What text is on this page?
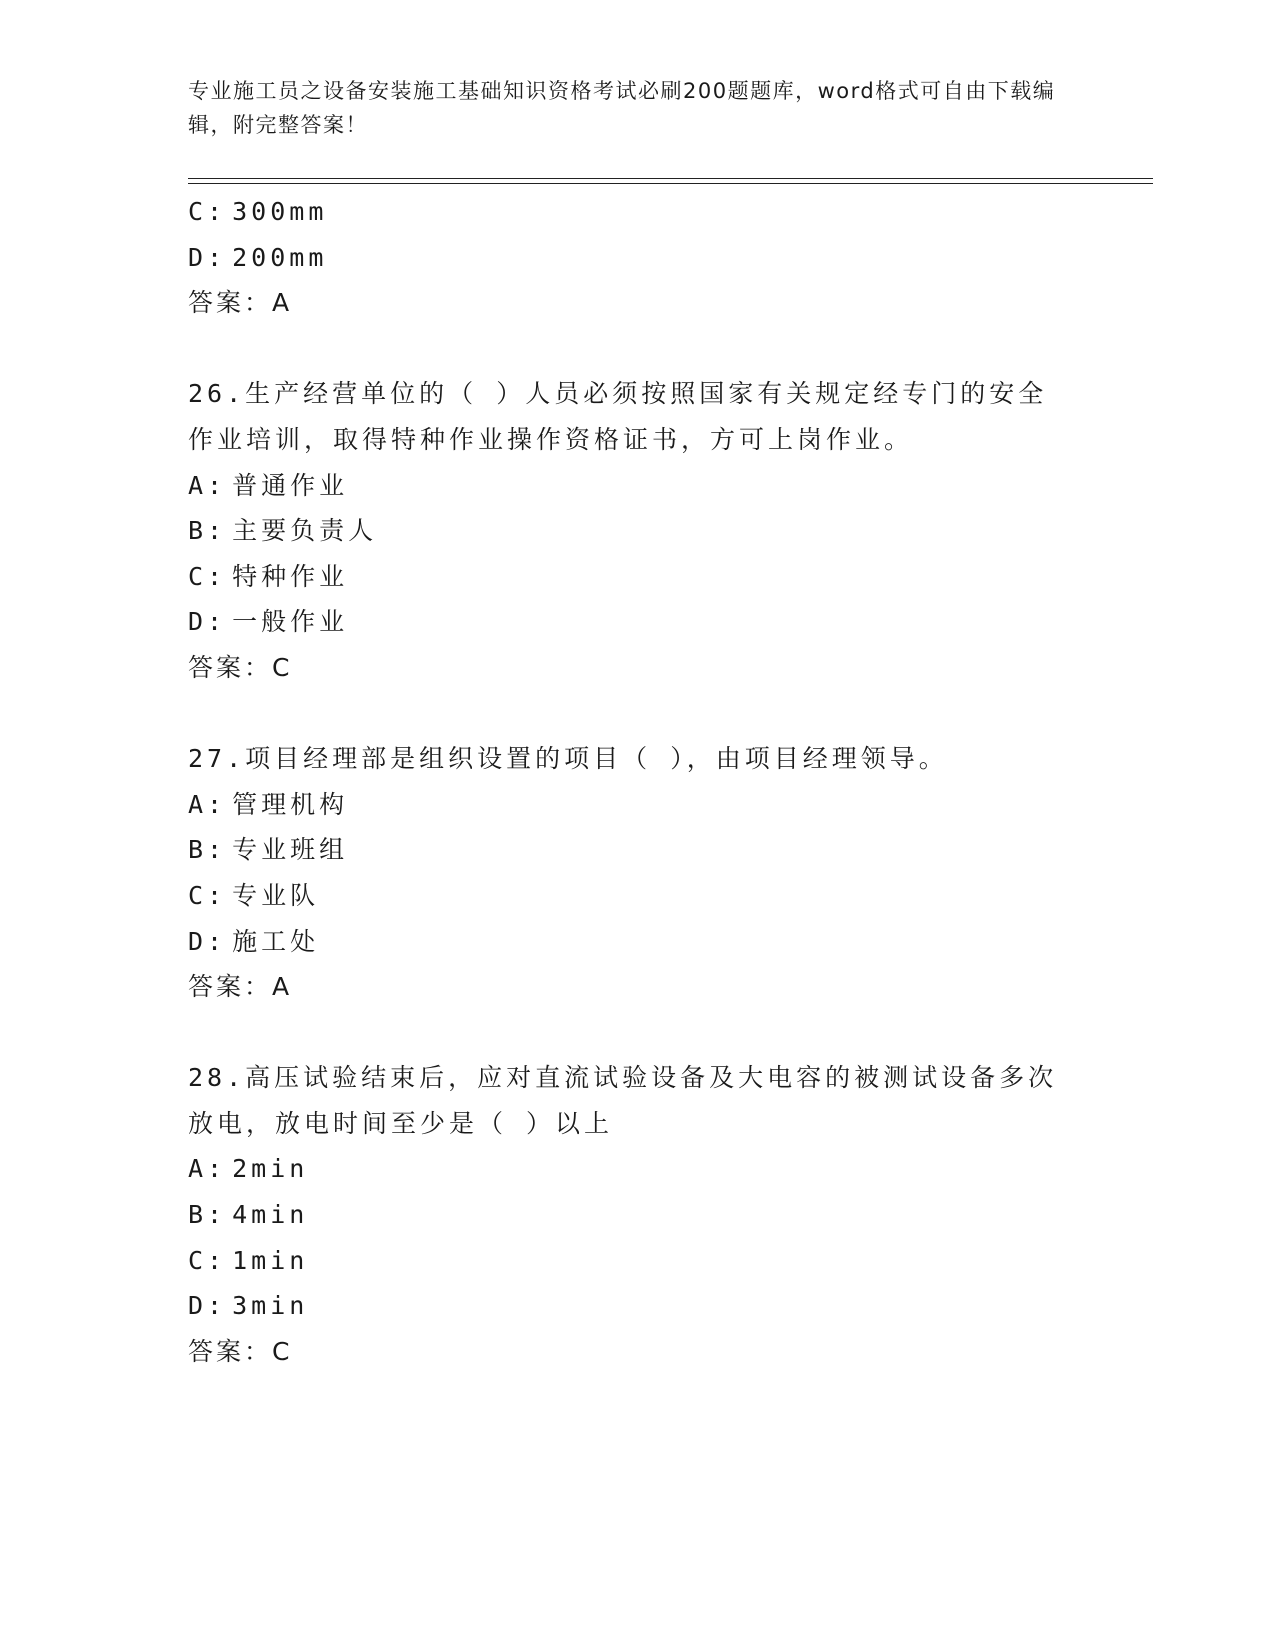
专业施工员之设备安装施工基础知识资格考试必刷200题题库，word格式可自由下载编辑，附完整答案！
C: 300mm
D: 200mm
答案：A
26.生产经营单位的（ ）人员必须按照国家有关规定经专门的安全作业培训，取得特种作业操作资格证书，方可上岗作业。
A: 普通作业
B: 主要负责人
C: 特种作业
D: 一般作业
答案：C
27.项目经理部是组织设置的项目（ ），由项目经理领导。
A: 管理机构
B: 专业班组
C: 专业队
D: 施工处
答案：A
28.高压试验结束后，应对直流试验设备及大电容的被测试设备多次放电，放电时间至少是（ ）以上
A: 2min
B: 4min
C: 1min
D: 3min
答案：C
